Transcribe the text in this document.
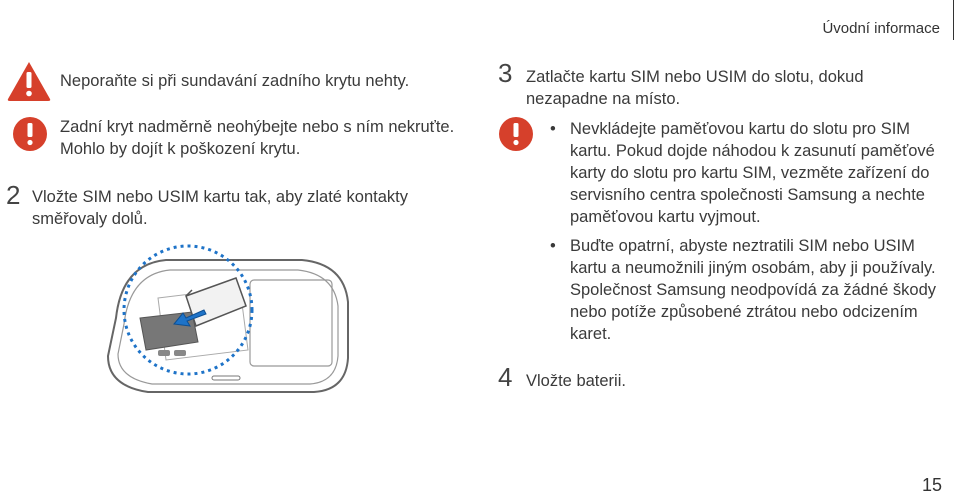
Úvodní informace
Neporaňte si při sundavání zadního krytu nehty.
Zadní kryt nadměrně neohýbejte nebo s ním nekruťte. Mohlo by dojít k poškození krytu.
2 Vložte SIM nebo USIM kartu tak, aby zlaté kontakty směřovaly dolů.
3 Zatlačte kartu SIM nebo USIM do slotu, dokud nezapadne na místo.
• Nevkládejte paměťovou kartu do slotu pro SIM kartu. Pokud dojde náhodou k zasunutí paměťové karty do slotu pro kartu SIM, vezměte zařízení do servisního centra společnosti Samsung a nechte paměťovou kartu vyjmout.
• Buďte opatrní, abyste neztratili SIM nebo USIM kartu a neumožnili jiným osobám, aby ji používaly. Společnost Samsung neodpovídá za žádné škody nebo potíže způsobené ztrátou nebo odcizením karet.
4 Vložte baterii.
15
